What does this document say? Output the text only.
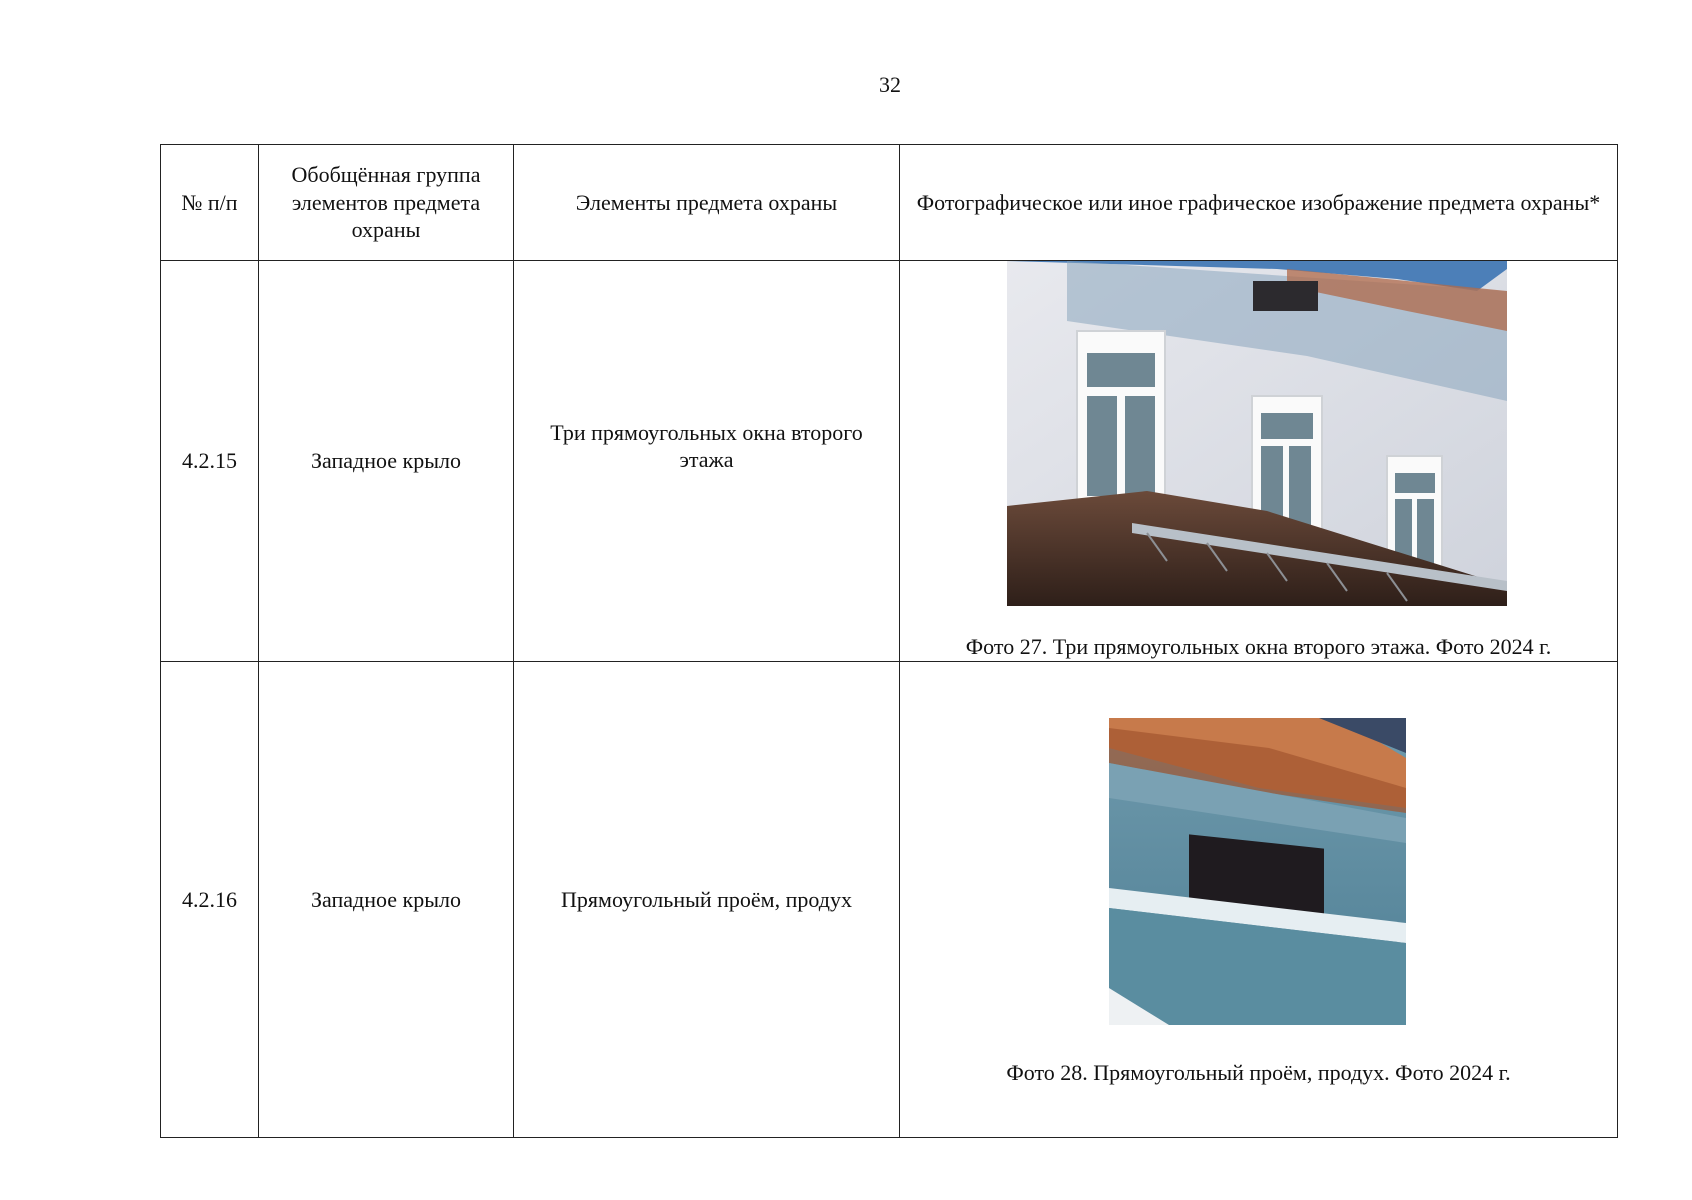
32
№ п/п	Обобщённая группа элементов предмета охраны	Элементы предмета охраны	Фотографическое или иное графическое изображение предмета охраны*
4.2.15	Западное крыло	Три прямоугольных окна второго этажа	Фото 27. Три прямоугольных окна второго этажа. Фото 2024 г.

4.2.16	Западное крыло	Прямоугольный проём, продух	Фото 28. Прямоугольный проём, продух. Фото 2024 г.
